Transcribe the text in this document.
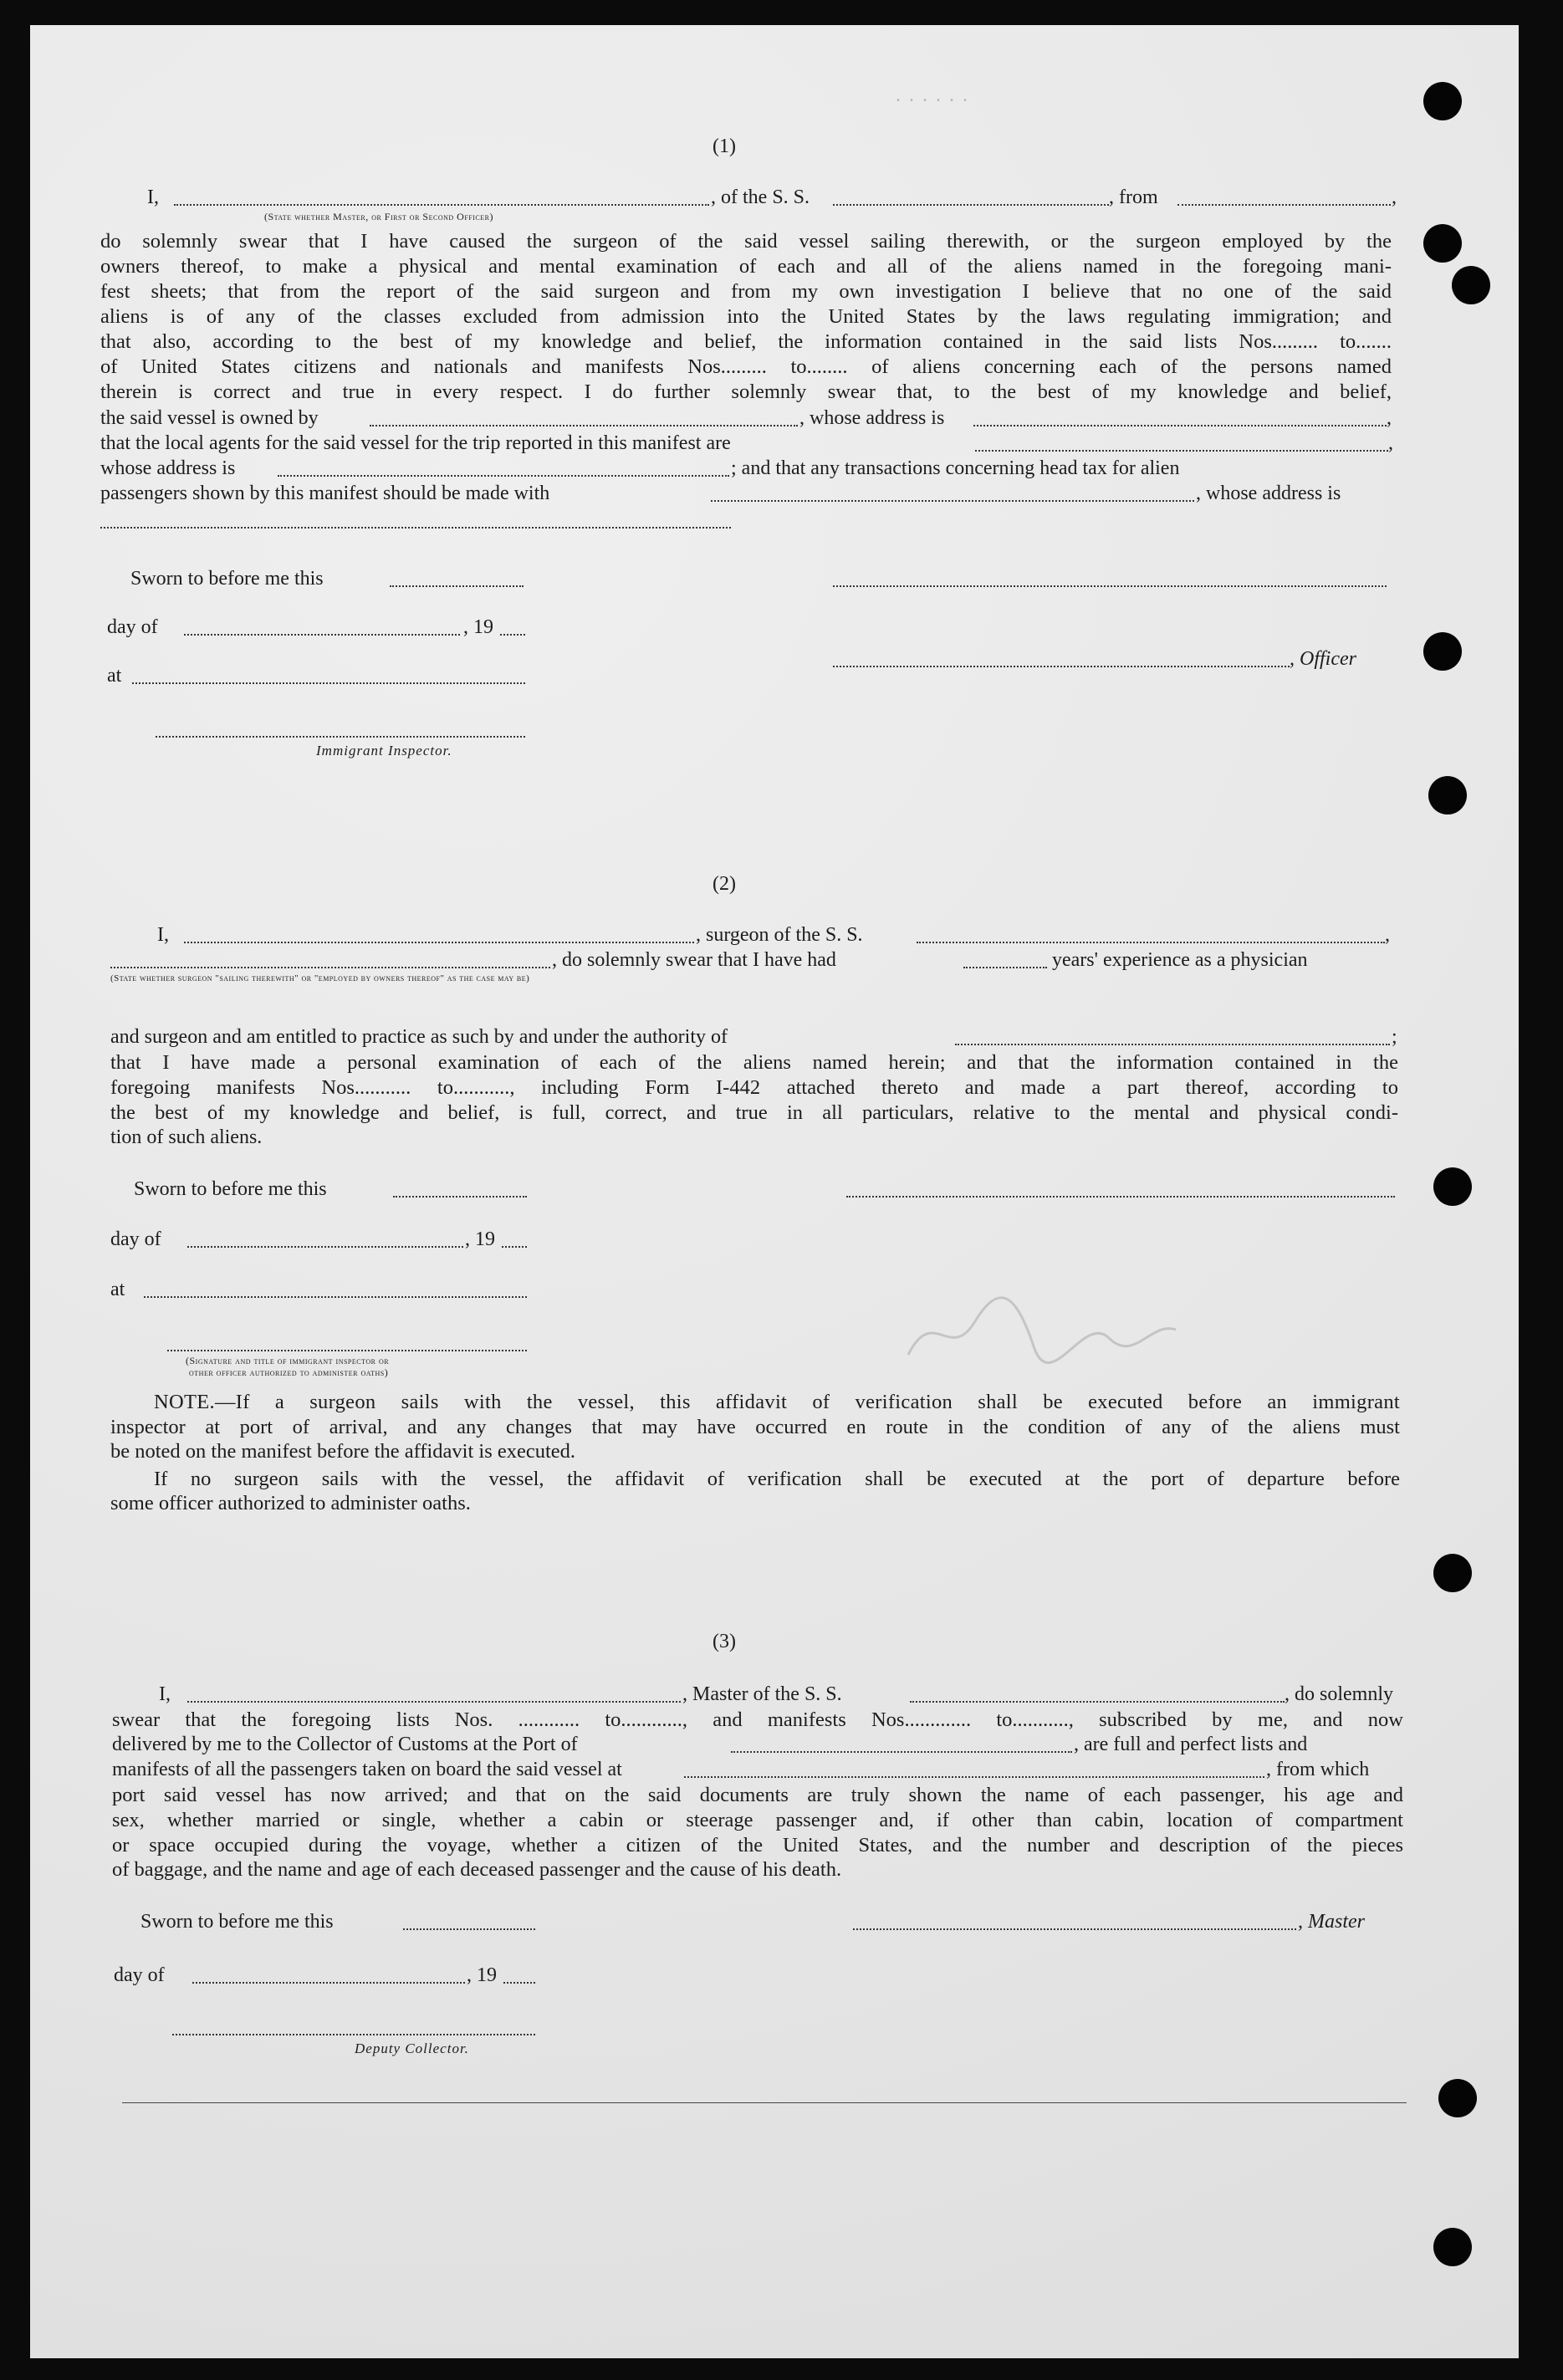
......
(1)
I,	, of the S. S.	, from	,
(State whether Master, or First or Second Officer)
do solemnly swear that I have caused the surgeon of the said vessel sailing therewith, or the surgeon employed by the
owners thereof, to make a physical and mental examination of each and all of the aliens named in the foregoing mani-
fest sheets; that from the report of the said surgeon and from my own investigation I believe that no one of the said
aliens is of any of the classes excluded from admission into the United States by the laws regulating immigration; and
that also, according to the best of my knowledge and belief, the information contained in the said lists Nos......... to.......
of United States citizens and nationals and manifests Nos......... to........ of aliens concerning each of the persons named
therein is correct and true in every respect. I do further solemnly swear that, to the best of my knowledge and belief,
the said vessel is owned by	, whose address is	,
that the local agents for the said vessel for the trip reported in this manifest are	,
whose address is	; and that any transactions concerning head tax for alien
passengers shown by this manifest should be made with	, whose address is
Sworn to before me this
day of	, 19
, Officer
at
Immigrant Inspector.
(2)
I,	, surgeon of the S. S.	,
, do solemnly swear that I have had	years' experience as a physician
(State whether surgeon "sailing therewith" or "employed by owners thereof" as the case may be)
and surgeon and am entitled to practice as such by and under the authority of	;
that I have made a personal examination of each of the aliens named herein; and that the information contained in the
foregoing manifests Nos........... to..........., including Form I-442 attached thereto and made a part thereof, according to
the best of my knowledge and belief, is full, correct, and true in all particulars, relative to the mental and physical condi-
tion of such aliens.
Sworn to before me this
day of	, 19
at
(Signature and title of immigrant inspector or
other officer authorized to administer oaths)
NOTE.—If a surgeon sails with the vessel, this affidavit of verification shall be executed before an immigrant
inspector at port of arrival, and any changes that may have occurred en route in the condition of any of the aliens must
be noted on the manifest before the affidavit is executed.
If no surgeon sails with the vessel, the affidavit of verification shall be executed at the port of departure before
some officer authorized to administer oaths.
(3)
I,	, Master of the S. S.	, do solemnly
swear that the foregoing lists Nos. ............ to............, and manifests Nos............. to..........., subscribed by me, and now
delivered by me to the Collector of Customs at the Port of	, are full and perfect lists and
manifests of all the passengers taken on board the said vessel at	, from which
port said vessel has now arrived; and that on the said documents are truly shown the name of each passenger, his age and
sex, whether married or single, whether a cabin or steerage passenger and, if other than cabin, location of compartment
or space occupied during the voyage, whether a citizen of the United States, and the number and description of the pieces
of baggage, and the name and age of each deceased passenger and the cause of his death.
Sworn to before me this	, Master
day of	, 19
Deputy Collector.
